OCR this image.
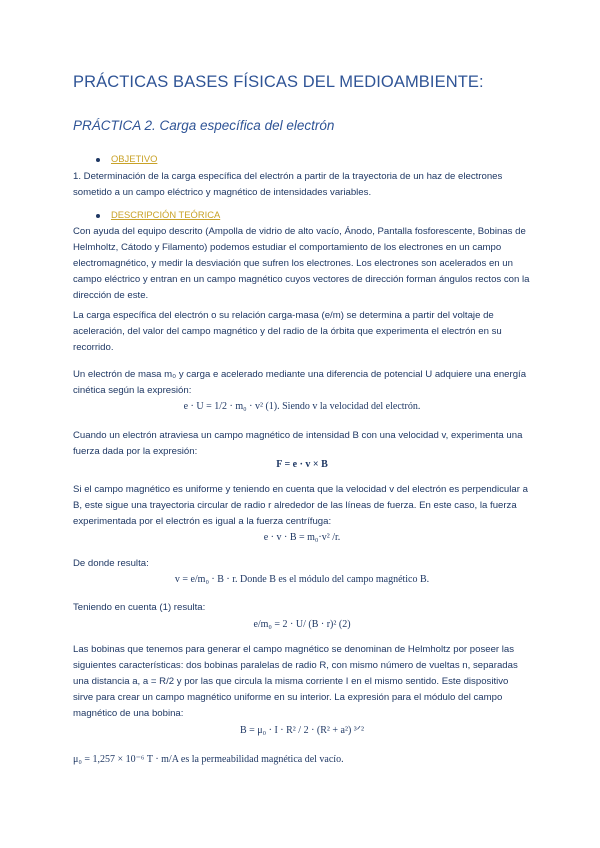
PRÁCTICAS BASES FÍSICAS DEL MEDIOAMBIENTE:
PRÁCTICA 2. Carga específica del electrón
OBJETIVO
1. Determinación de la carga específica del electrón a partir de la trayectoria de un haz de electrones sometido a un campo eléctrico y magnético de intensidades variables.
DESCRIPCIÓN TEÓRICA
Con ayuda del equipo descrito (Ampolla de vidrio de alto vacío, Ánodo, Pantalla fosforescente, Bobinas de Helmholtz, Cátodo y Filamento) podemos estudiar el comportamiento de los electrones en un campo electromagnético, y medir la desviación que sufren los electrones. Los electrones son acelerados en un campo eléctrico y entran en un campo magnético cuyos vectores de dirección forman ángulos rectos con la dirección de este.
La carga específica del electrón o su relación carga-masa (e/m) se determina a partir del voltaje de aceleración, del valor del campo magnético y del radio de la órbita que experimenta el electrón en su recorrido.
Un electrón de masa m₀ y carga e acelerado mediante una diferencia de potencial U adquiere una energía cinética según la expresión:
e · U = 1/2 · m₀ · v² (1). Siendo v la velocidad del electrón.
Cuando un electrón atraviesa un campo magnético de intensidad B con una velocidad v, experimenta una fuerza dada por la expresión:
F = e · v × B
Si el campo magnético es uniforme y teniendo en cuenta que la velocidad v del electrón es perpendicular a B, este sigue una trayectoria circular de radio r alrededor de las líneas de fuerza. En este caso, la fuerza experimentada por el electrón es igual a la fuerza centrífuga:
e · v · B = m₀·v² /r.
De donde resulta:
v = e/m₀ · B · r. Donde B es el módulo del campo magnético B.
Teniendo en cuenta (1) resulta:
e/m₀ = 2 · U/ (B · r)² (2)
Las bobinas que tenemos para generar el campo magnético se denominan de Helmholtz por poseer las siguientes características: dos bobinas paralelas de radio R, con mismo número de vueltas n, separadas una distancia a, a = R/2 y por las que circula la misma corriente I en el mismo sentido. Este dispositivo sirve para crear un campo magnético uniforme en su interior. La expresión para el módulo del campo magnético de una bobina:
B = μ₀ · I · R² / 2 · (R² + a²) ³ᐟ²
μ₀ = 1,257 × 10⁻⁶ T · m/A es la permeabilidad magnética del vacío.
